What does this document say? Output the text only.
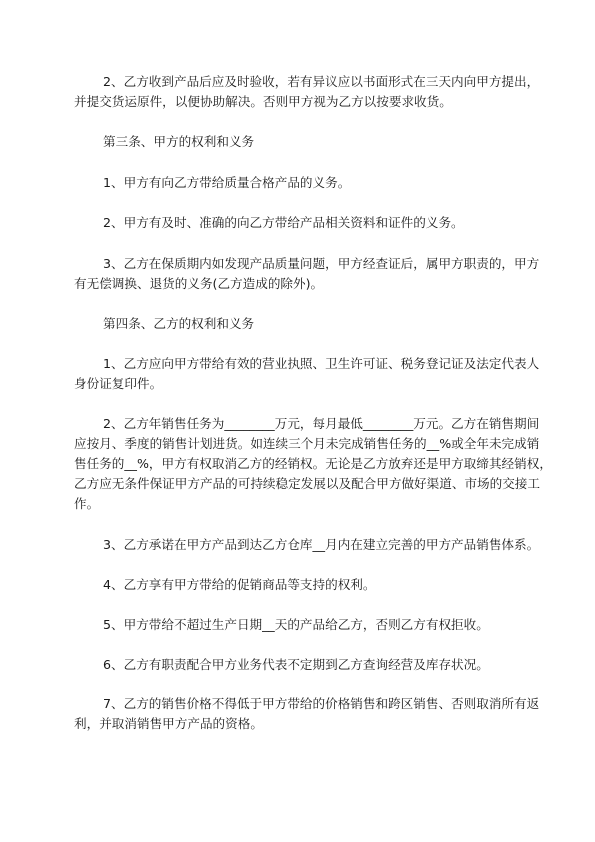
2、乙方收到产品后应及时验收，若有异议应以书面形式在三天内向甲方提出，
并提交货运原件，以便协助解决。否则甲方视为乙方以按要求收货。
第三条、甲方的权利和义务
1、甲方有向乙方带给质量合格产品的义务。
2、甲方有及时、准确的向乙方带给产品相关资料和证件的义务。
3、乙方在保质期内如发现产品质量问题，甲方经查证后，属甲方职责的，甲方
有无偿调换、退货的义务(乙方造成的除外)。
第四条、乙方的权利和义务
1、乙方应向甲方带给有效的营业执照、卫生许可证、税务登记证及法定代表人
身份证复印件。
2、乙方年销售任务为________万元，每月最低________万元。乙方在销售期间
应按月、季度的销售计划进货。如连续三个月未完成销售任务的__%或全年未完成销
售任务的__%，甲方有权取消乙方的经销权。无论是乙方放弃还是甲方取缔其经销权，
乙方应无条件保证甲方产品的可持续稳定发展以及配合甲方做好渠道、市场的交接工
作。
3、乙方承诺在甲方产品到达乙方仓库__月内在建立完善的甲方产品销售体系。
4、乙方享有甲方带给的促销商品等支持的权利。
5、甲方带给不超过生产日期__天的产品给乙方，否则乙方有权拒收。
6、乙方有职责配合甲方业务代表不定期到乙方查询经营及库存状况。
7、乙方的销售价格不得低于甲方带给的价格销售和跨区销售、否则取消所有返
利，并取消销售甲方产品的资格。
